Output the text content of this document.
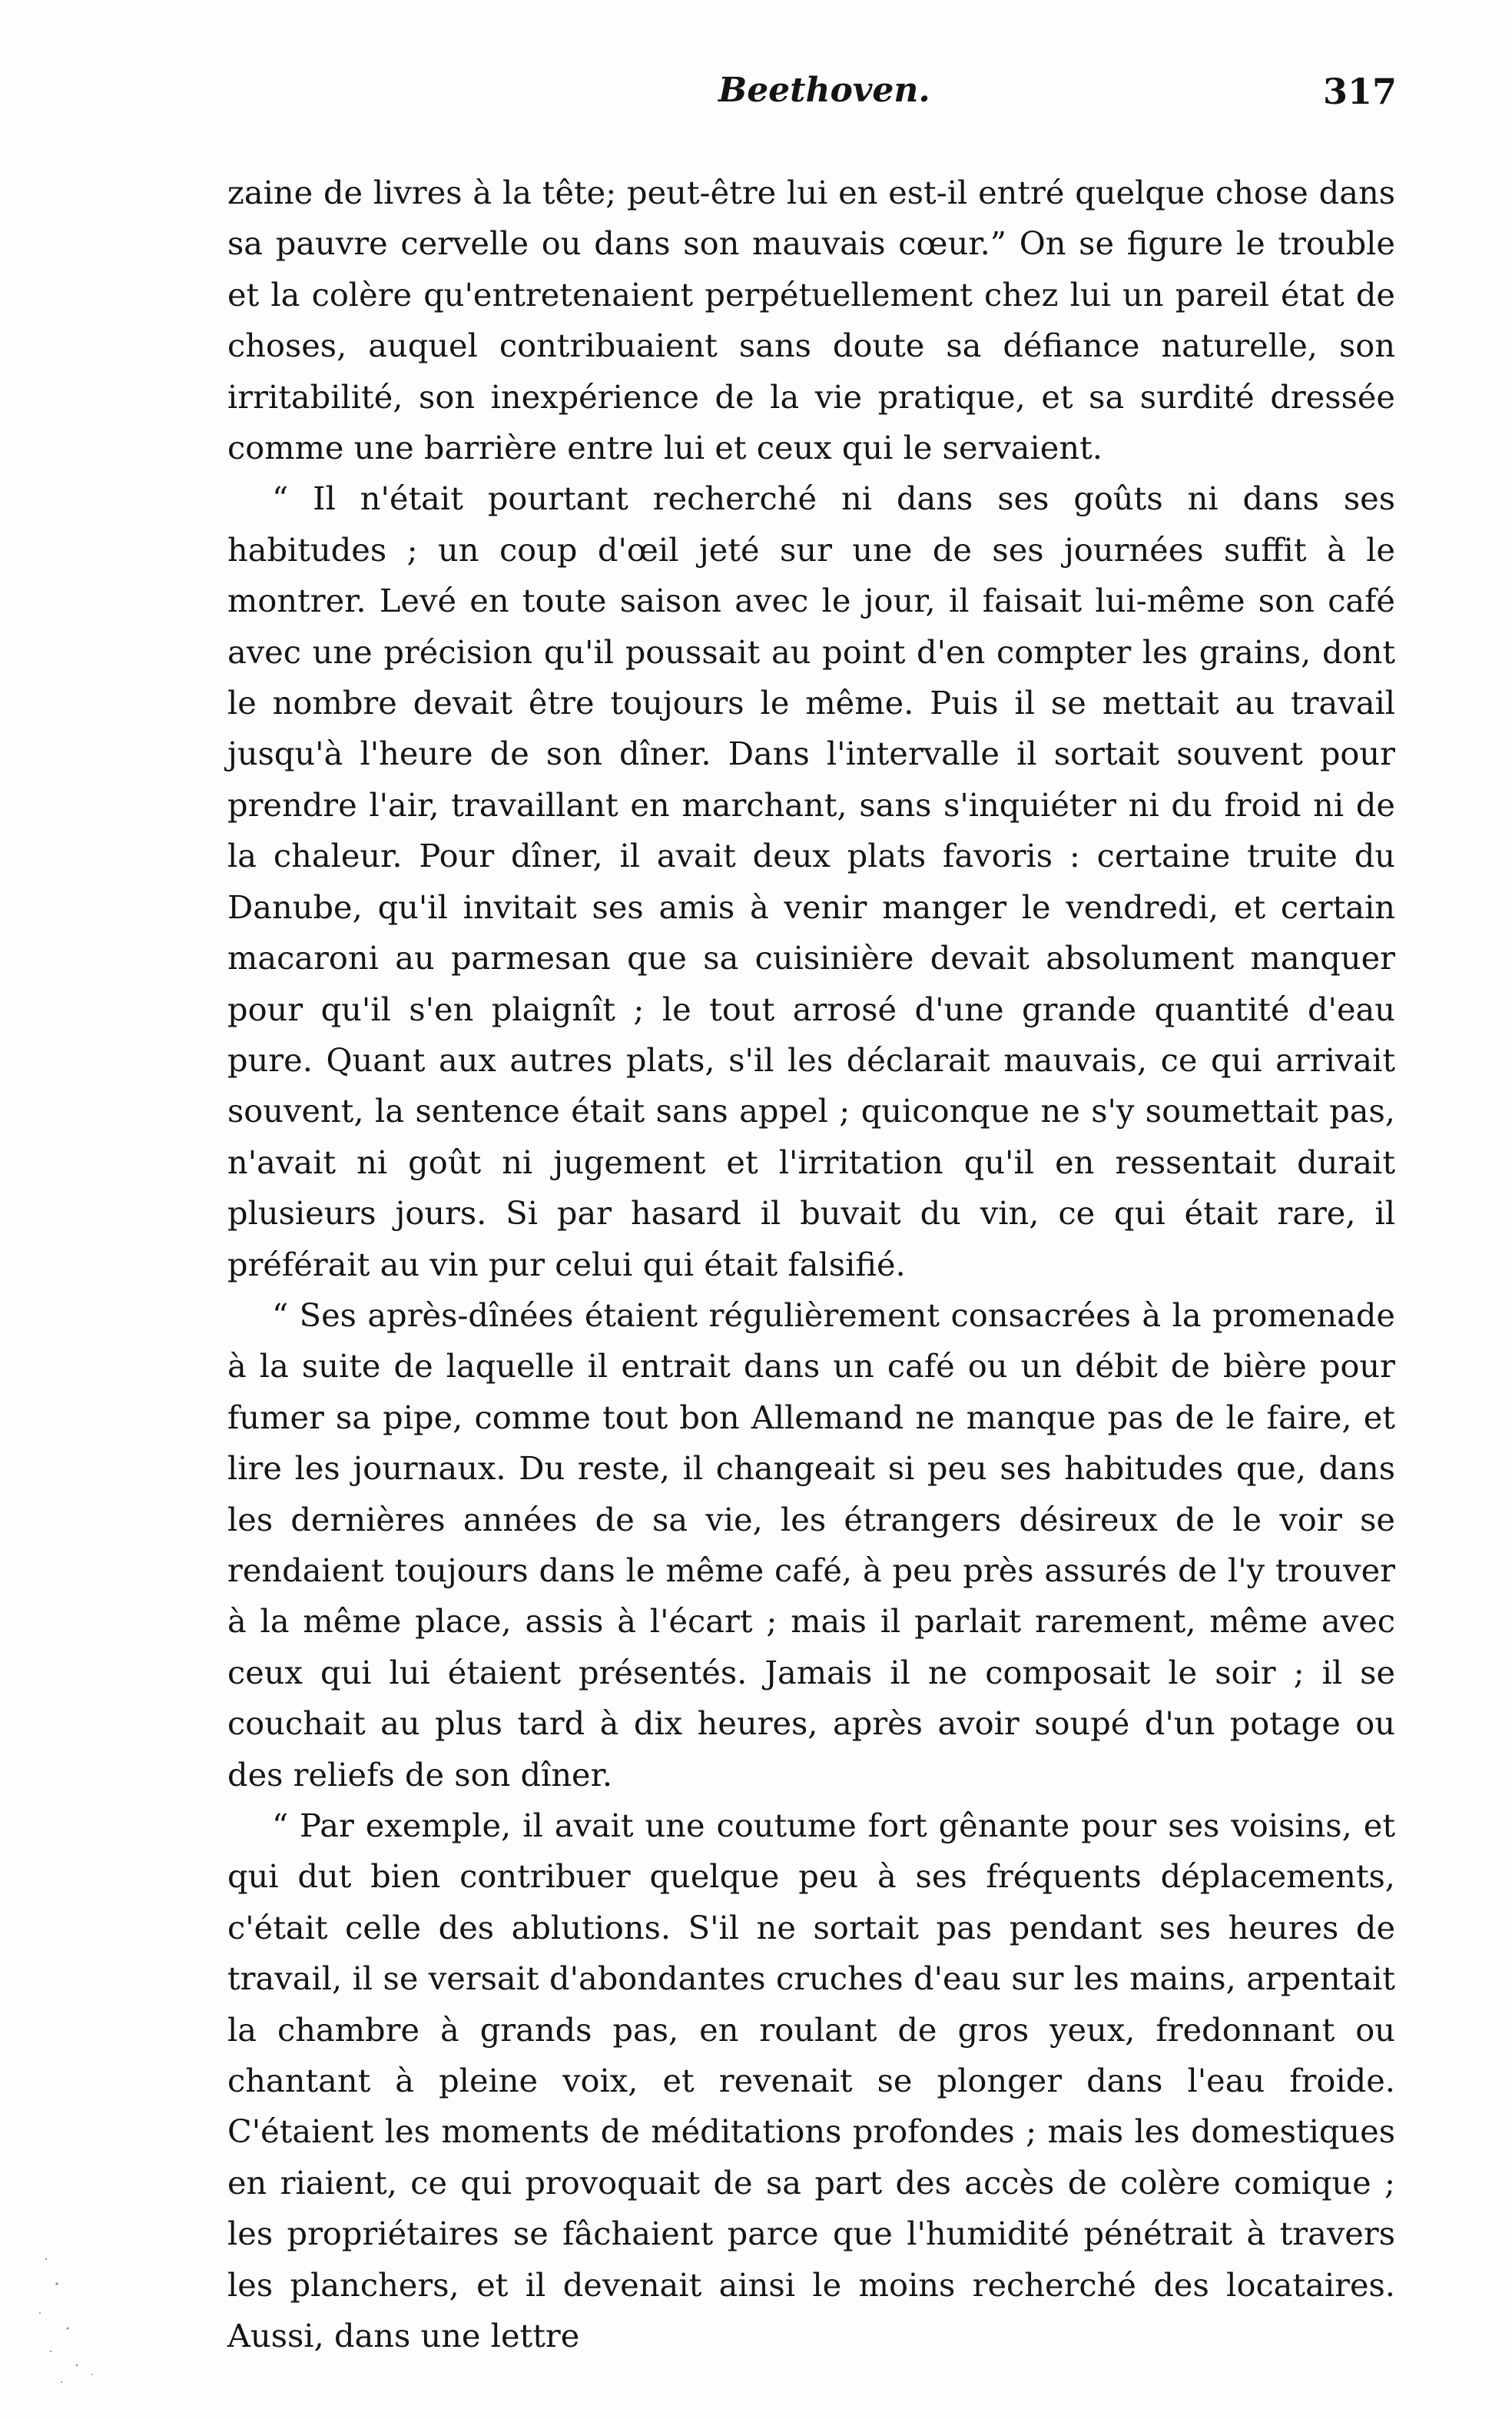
Beethoven.	317

zaine de livres à la tête; peut-être lui en est-il entré quelque chose dans sa pauvre cervelle ou dans son mauvais cœur.” On se figure le trouble et la colère qu'entretenaient perpétuellement chez lui un pareil état de choses, auquel contribuaient sans doute sa défiance naturelle, son irritabilité, son inexpérience de la vie pratique, et sa surdité dressée comme une barrière entre lui et ceux qui le servaient.

“ Il n'était pourtant recherché ni dans ses goûts ni dans ses habitudes ; un coup d'œil jeté sur une de ses journées suffit à le montrer. Levé en toute saison avec le jour, il faisait lui-même son café avec une précision qu'il poussait au point d'en compter les grains, dont le nombre devait être toujours le même. Puis il se mettait au travail jusqu'à l'heure de son dîner. Dans l'intervalle il sortait souvent pour prendre l'air, travaillant en marchant, sans s'inquiéter ni du froid ni de la chaleur. Pour dîner, il avait deux plats favoris : certaine truite du Danube, qu'il invitait ses amis à venir manger le vendredi, et certain macaroni au parmesan que sa cuisinière devait absolument manquer pour qu'il s'en plaignît ; le tout arrosé d'une grande quantité d'eau pure. Quant aux autres plats, s'il les déclarait mauvais, ce qui arrivait souvent, la sentence était sans appel ; quiconque ne s'y soumettait pas, n'avait ni goût ni jugement et l'irritation qu'il en ressentait durait plusieurs jours. Si par hasard il buvait du vin, ce qui était rare, il préférait au vin pur celui qui était falsifié.

“ Ses après-dînées étaient régulièrement consacrées à la promenade à la suite de laquelle il entrait dans un café ou un débit de bière pour fumer sa pipe, comme tout bon Allemand ne manque pas de le faire, et lire les journaux. Du reste, il changeait si peu ses habitudes que, dans les dernières années de sa vie, les étrangers désireux de le voir se rendaient toujours dans le même café, à peu près assurés de l'y trouver à la même place, assis à l'écart ; mais il parlait rarement, même avec ceux qui lui étaient présentés. Jamais il ne composait le soir ; il se couchait au plus tard à dix heures, après avoir soupé d'un potage ou des reliefs de son dîner.

“ Par exemple, il avait une coutume fort gênante pour ses voisins, et qui dut bien contribuer quelque peu à ses fréquents déplacements, c'était celle des ablutions. S'il ne sortait pas pendant ses heures de travail, il se versait d'abondantes cruches d'eau sur les mains, arpentait la chambre à grands pas, en roulant de gros yeux, fredonnant ou chantant à pleine voix, et revenait se plonger dans l'eau froide. C'étaient les moments de méditations profondes ; mais les domestiques en riaient, ce qui provoquait de sa part des accès de colère comique ; les propriétaires se fâchaient parce que l'humidité pénétrait à travers les planchers, et il devenait ainsi le moins recherché des locataires. Aussi, dans une lettre
